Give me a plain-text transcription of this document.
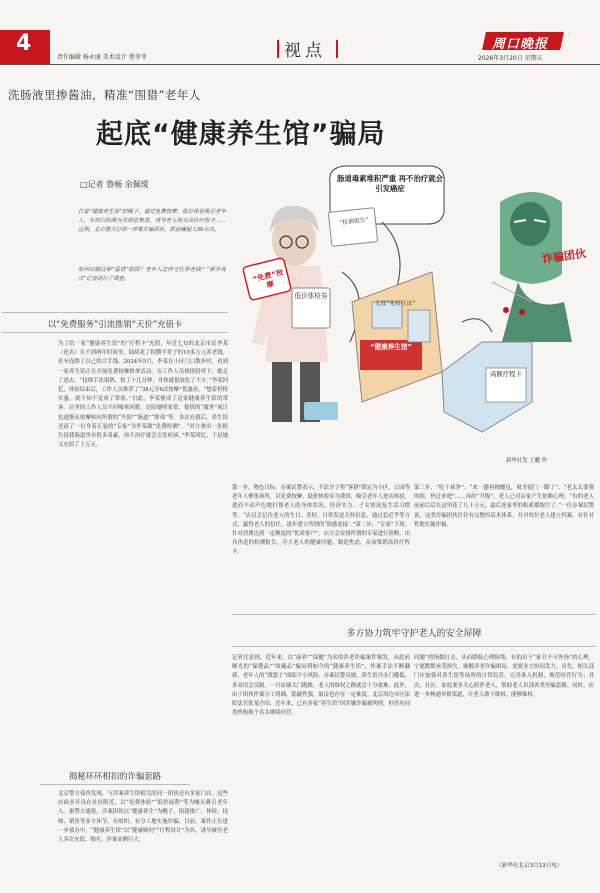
4
责任编辑 杨永康 美术设计 蔡菲菲	视点	周口晚报
2026年3月20日 星期五
洗肠液里掺酱油，精准“围猎”老年人
起底“健康养生馆”骗局
肠道毒素堆积严重 再不治疗就会引发癌症
“免费”按摩
低价体检券
“检测报告”
无效“免疫疗法”
“健康养生馆”
高额疗程卡
诈骗团伙
新华社发 王鹏 作
□记者 鲁畅 余佩瑷
打着“健康养生馆”的幌子，通过免费按摩、低价体验吸引老年人，实则以检测为名制造焦虑，诱导老人购买高价疗程卡……近期，北京警方打掉一涉案诈骗团伙，抓获嫌疑人30余名。
如何识破这种“温情”陷阱？老年人怎样守住养老钱？“新华视点”记者进行了调查。
以“免费服务”引流推销“天价”充值卡
为了给一家“健康养生馆”的“疗程卡”充值，年近七旬的北京市民李某（化名）在不到两年时间里，陆续花了积攒半辈子的10多万元养老钱，甚至连降了自己的合手钱。2024年5月，李某在小区门口散步时，看到一家养生馆正在开展免费按摩推拿活动。在工作人员热情招呼下，她走了进去。“技师手法很熟，按了十几分钟，身体就很放松了不少。”李某回忆，体验结束后，工作人员推荐了“38元享6次按摩”优惠券，“想着价格实惠，就不知不觉成了常客。”自此，李某便成了这家健康养生馆的常客。店里的工作人员不但嘘寒问暖，还陪她唠家常，提供的“服务”项目也逐渐从按摩转向所谓的“升阳”“肠道”“排毒”等。多次充值后，养生馆还请了一位身着正装的“专家”为李某做“免费检测”。“对方拿出一张报告说我肠道里有很多毒素，再不治疗就会引发疾病。”李某回忆，于是她又充值了上万元。
揭秘环环相扣的诈骗套路
北京警方侦查发现，与涉案养生馆相关的同一团伙还有多家门店。这些店面多开设在社区附近，以“免费体验”“低价福利”等为噱头吸引老年人。据警方通报，涉案团伙以“健康养生”为幌子，组建推广、体检、技师、销售等多个环节，有组织、有分工地实施诈骗。目前，案件正在进一步侦办中，“健康养生馆”以“健康顾问”“疗程设计”为名，诱导被害老人多次充值、购买，涉案金额巨大。
第一步，物色目标。办案民警表示，不法分子将“客群”锁定为小区、公园等老年人聚集场所，以免费按摩、低价体验券为诱饵，吸引老年人进店体验，进而不动声色地打探老人的身体状况、经济实力、子女情况及生活习惯等。“店员会记住老人的生日、喜好，日常发送关怀信息，通过套近乎等方式，赢得老人的信任，逐步建立所谓的‘情感连接’。”第二步，“专家”下场。针对消费达到一定额度的“优质客户”，店方会安排所谓的专家进行诊断，出具伪造的检测报告，夸大老人的健康问题，制造焦虑，从而推销高价疗程卡。
第三步，“吃干抹净”。“来一趟再掏腰包，就差捉门一脚了”，“老太太要强的很，快过来吧”……再经“升级”，老人已对店家产生依赖心理。“有的老人前前后后在这里花了几十万元，最后连家里的积蓄都掏空了。”一位办案民警说，这类诈骗团伙往往有完整的话术体系，并对每位老人建立档案，有针对性地实施诈骗。
多方协力筑牢守护老人的安全屏障
记者注意到，近年来，以“康养”“保健”为名的涉老诈骗案件频发，从此前曝光的“保健品”“收藏品”骗局到如今的“健康养生馆”，作案手法不断翻新，老年人的“钱袋子”面临不小风险。办案民警反映，养生馆开办门槛低，多采用会员制，一旦店铺关门跑路，老人的维权之路就会十分艰难。此外，由于团伙作案分工明确、隐蔽性强，取证也存在一定难度。北京周边市区法院法官张某介绍，近年来，已有多家“养生馆”因涉嫌诈骗被判刑，但仍有同类机构换个名头继续经营。
同题”的指数打击，从而降低心理防线；有的出于“家丑不可外扬”的心理，宁愿默默承受损失。破解涉老诈骗困局，需要多方协同发力。首先，相关部门应加强对养生馆等场所的日常监管，完善准入机制，规范经营行为；其次，社区、家庭要多关心陪伴老人，帮助老人识别各类诈骗套路。同时，应进一步畅通举报渠道，让老人敢于维权、能够维权。
（新华社北京3月13日电）
